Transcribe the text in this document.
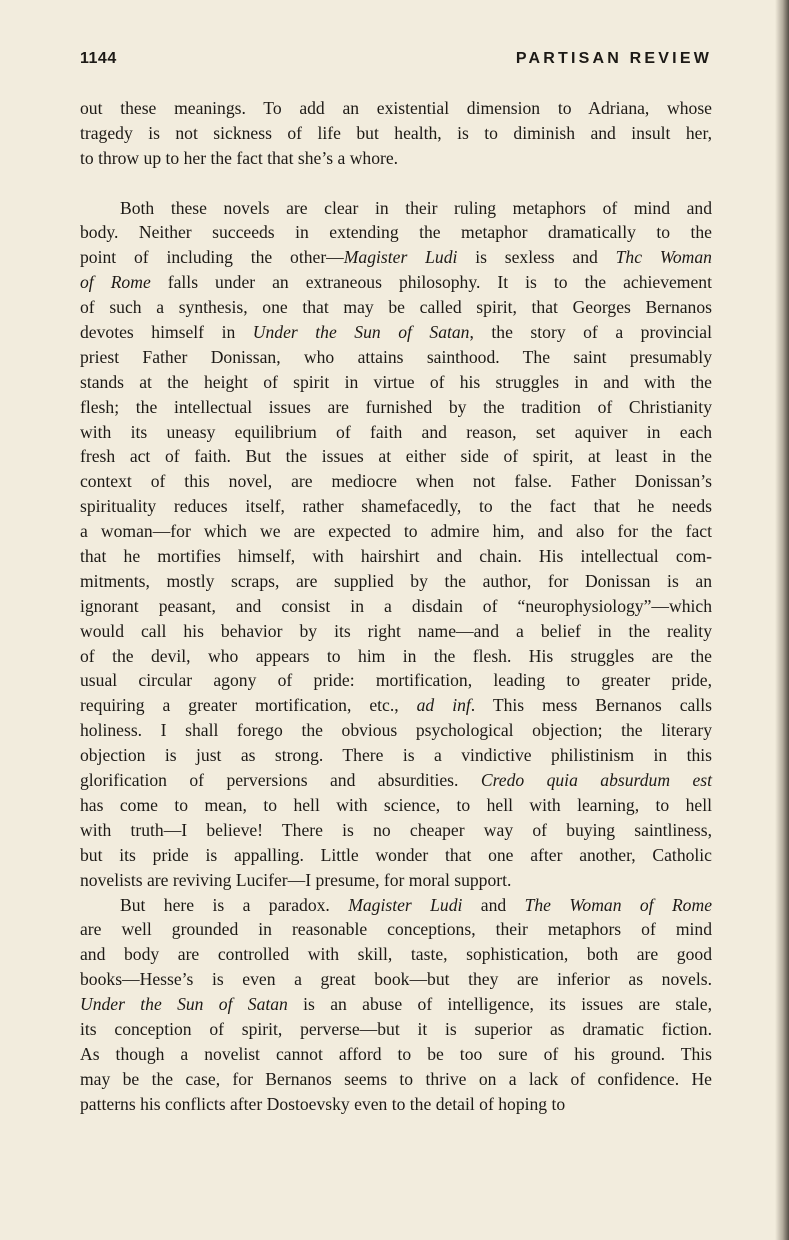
1144	PARTISAN REVIEW
out these meanings. To add an existential dimension to Adriana, whose
tragedy is not sickness of life but health, is to diminish and insult her,
to throw up to her the fact that she’s a whore.
Both these novels are clear in their ruling metaphors of mind and
body. Neither succeeds in extending the metaphor dramatically to the
point of including the other—Magister Ludi is sexless and Thc Woman
of Rome falls under an extraneous philosophy. It is to the achievement
of such a synthesis, one that may be called spirit, that Georges Bernanos
devotes himself in Under the Sun of Satan, the story of a provincial
priest Father Donissan, who attains sainthood. The saint presumably
stands at the height of spirit in virtue of his struggles in and with the
flesh; the intellectual issues are furnished by the tradition of Christianity
with its uneasy equilibrium of faith and reason, set aquiver in each
fresh act of faith. But the issues at either side of spirit, at least in the
context of this novel, are mediocre when not false. Father Donissan’s
spirituality reduces itself, rather shamefacedly, to the fact that he needs
a woman—for which we are expected to admire him, and also for the fact
that he mortifies himself, with hairshirt and chain. His intellectual com-
mitments, mostly scraps, are supplied by the author, for Donissan is an
ignorant peasant, and consist in a disdain of “neurophysiology”—which
would call his behavior by its right name—and a belief in the reality
of the devil, who appears to him in the flesh. His struggles are the
usual circular agony of pride: mortification, leading to greater pride,
requiring a greater mortification, etc., ad inf. This mess Bernanos calls
holiness. I shall forego the obvious psychological objection; the literary
objection is just as strong. There is a vindictive philistinism in this
glorification of perversions and absurdities. Credo quia absurdum est
has come to mean, to hell with science, to hell with learning, to hell
with truth—I believe! There is no cheaper way of buying saintliness,
but its pride is appalling. Little wonder that one after another, Catholic
novelists are reviving Lucifer—I presume, for moral support.
But here is a paradox. Magister Ludi and The Woman of Rome
are well grounded in reasonable conceptions, their metaphors of mind
and body are controlled with skill, taste, sophistication, both are good
books—Hesse’s is even a great book—but they are inferior as novels.
Under the Sun of Satan is an abuse of intelligence, its issues are stale,
its conception of spirit, perverse—but it is superior as dramatic fiction.
As though a novelist cannot afford to be too sure of his ground. This
may be the case, for Bernanos seems to thrive on a lack of confidence. He
patterns his conflicts after Dostoevsky even to the detail of hoping to
